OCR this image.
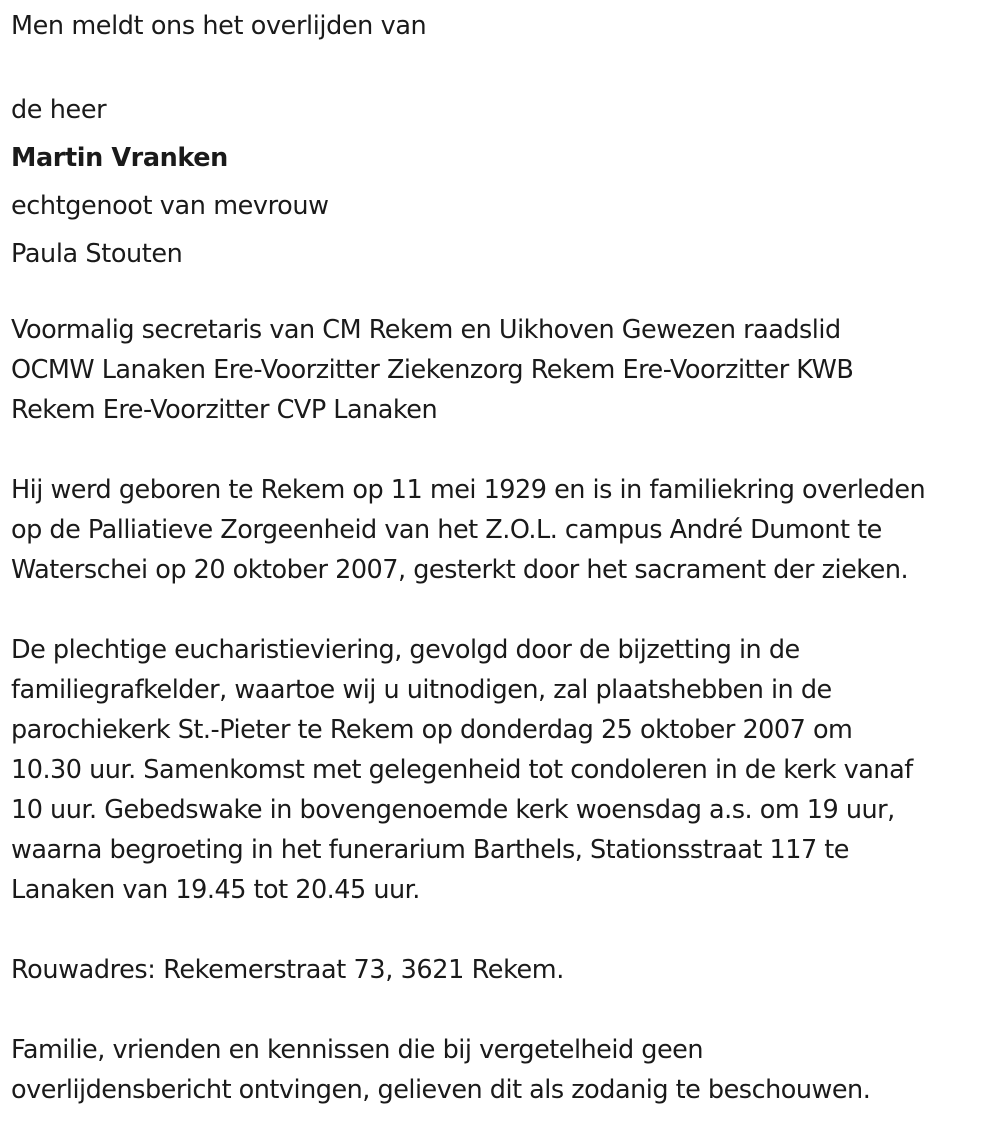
Men meldt ons het overlijden van

de heer

Martin Vranken

echtgenoot van mevrouw

Paula Stouten

Voormalig secretaris van CM Rekem en Uikhoven Gewezen raadslid
OCMW Lanaken Ere-Voorzitter Ziekenzorg Rekem Ere-Voorzitter KWB
Rekem Ere-Voorzitter CVP Lanaken
Hij werd geboren te Rekem op 11 mei 1929 en is in familiekring overleden
op de Palliatieve Zorgeenheid van het Z.O.L. campus André Dumont te
Waterschei op 20 oktober 2007, gesterkt door het sacrament der zieken.
De plechtige eucharistieviering, gevolgd door de bijzetting in de
familiegrafkelder, waartoe wij u uitnodigen, zal plaatshebben in de
parochiekerk St.-Pieter te Rekem op donderdag 25 oktober 2007 om
10.30 uur. Samenkomst met gelegenheid tot condoleren in de kerk vanaf
10 uur. Gebedswake in bovengenoemde kerk woensdag a.s. om 19 uur,
waarna begroeting in het funerarium Barthels, Stationsstraat 117 te
Lanaken van 19.45 tot 20.45 uur.

Rouwadres: Rekemerstraat 73, 3621 Rekem.

Familie, vrienden en kennissen die bij vergetelheid geen
overlijdensbericht ontvingen, gelieven dit als zodanig te beschouwen.
